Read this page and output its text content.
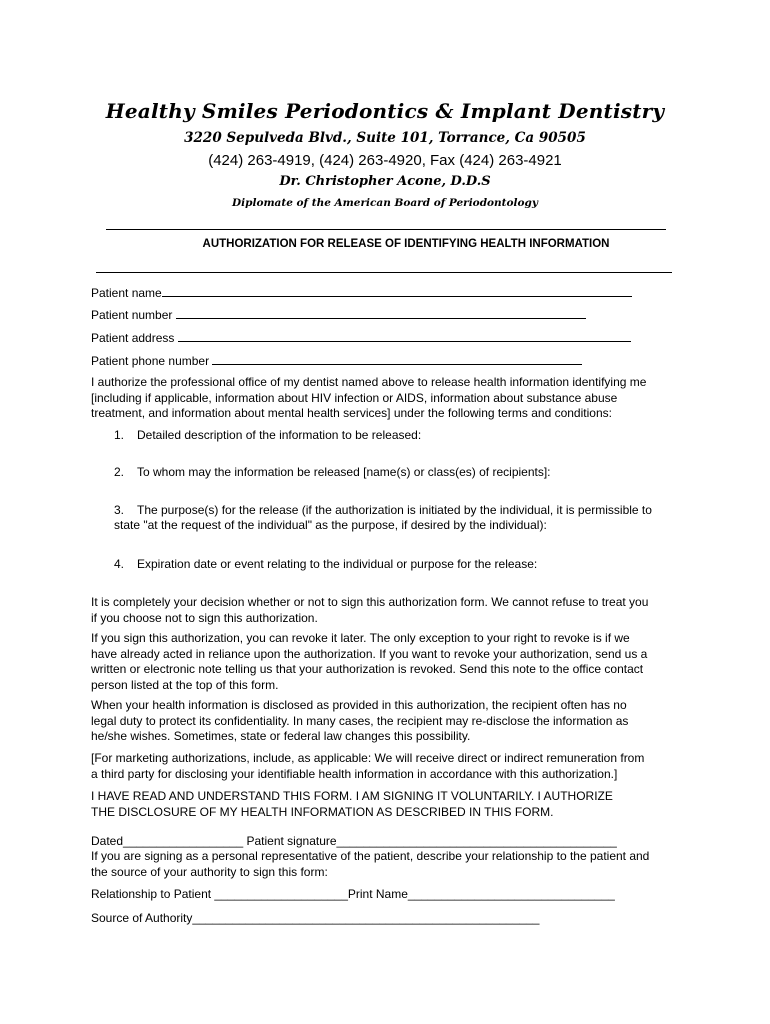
Healthy Smiles Periodontics & Implant Dentistry
3220 Sepulveda Blvd., Suite 101, Torrance, Ca 90505
(424) 263-4919, (424) 263-4920, Fax (424) 263-4921
Dr. Christopher Acone, D.D.S
Diplomate of the American Board of Periodontology
AUTHORIZATION FOR RELEASE OF IDENTIFYING HEALTH INFORMATION
Patient name
Patient number
Patient address
Patient phone number
I authorize the professional office of my dentist named above to release health information identifying me
[including if applicable, information about HIV infection or AIDS, information about substance abuse
treatment, and information about mental health services] under the following terms and conditions:
1. Detailed description of the information to be released:
2. To whom may the information be released [name(s) or class(es) of recipients]:
3. The purpose(s) for the release (if the authorization is initiated by the individual, it is permissible to
state "at the request of the individual" as the purpose, if desired by the individual):
4. Expiration date or event relating to the individual or purpose for the release:
It is completely your decision whether or not to sign this authorization form. We cannot refuse to treat you
if you choose not to sign this authorization.
If you sign this authorization, you can revoke it later. The only exception to your right to revoke is if we
have already acted in reliance upon the authorization. If you want to revoke your authorization, send us a
written or electronic note telling us that your authorization is revoked. Send this note to the office contact
person listed at the top of this form.
When your health information is disclosed as provided in this authorization, the recipient often has no
legal duty to protect its confidentiality. In many cases, the recipient may re-disclose the information as
he/she wishes. Sometimes, state or federal law changes this possibility.
[For marketing authorizations, include, as applicable: We will receive direct or indirect remuneration from
a third party for disclosing your identifiable health information in accordance with this authorization.]
I HAVE READ AND UNDERSTAND THIS FORM. I AM SIGNING IT VOLUNTARILY. I AUTHORIZE
THE DISCLOSURE OF MY HEALTH INFORMATION AS DESCRIBED IN THIS FORM.
Dated__________________ Patient signature__________________________________________
If you are signing as a personal representative of the patient, describe your relationship to the patient and
the source of your authority to sign this form:
Relationship to Patient ____________________Print Name_______________________________
Source of Authority____________________________________________________
